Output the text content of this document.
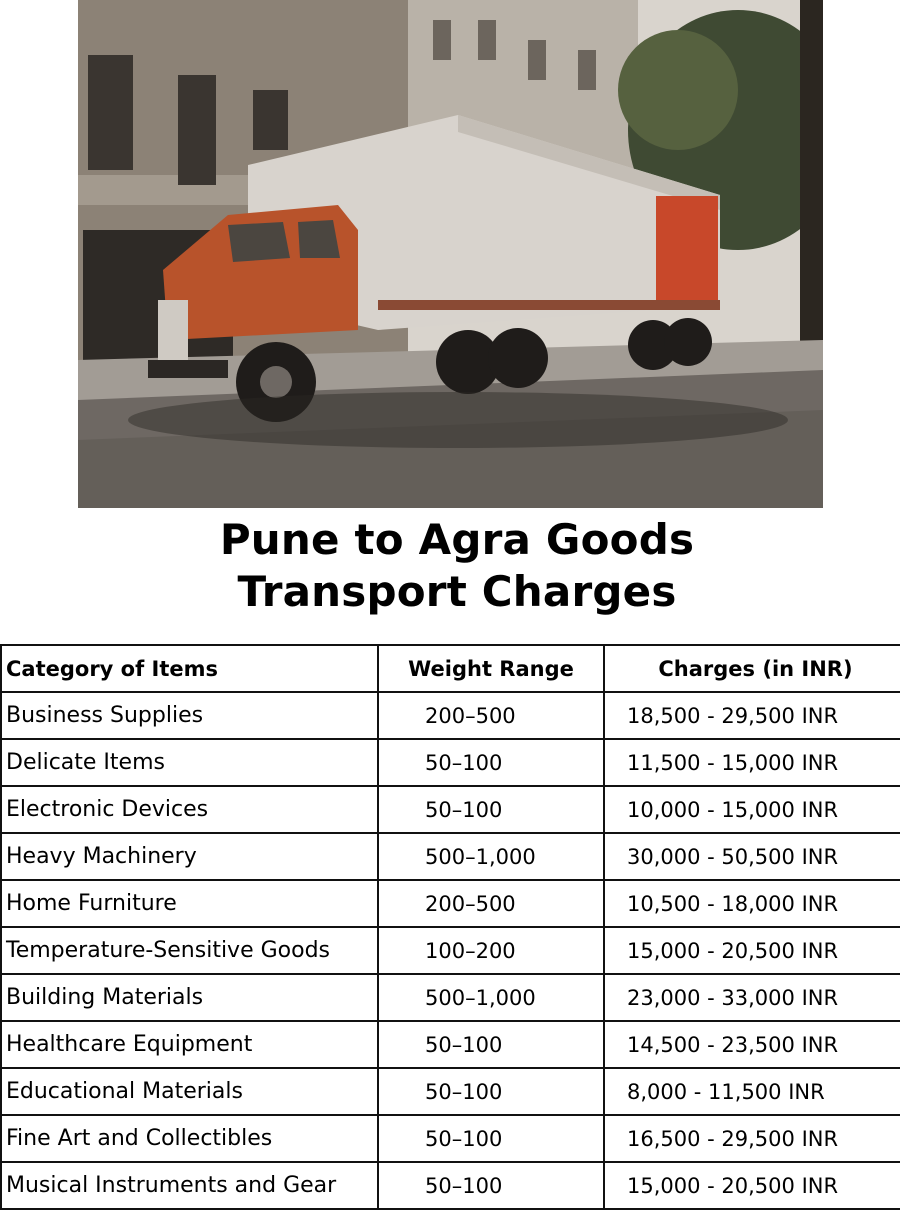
Pune to Agra Goods
Transport Charges
Category of Items	Weight Range	Charges (in INR)
Business Supplies	200–500	18,500 - 29,500 INR
Delicate Items	50–100	11,500 - 15,000 INR
Electronic Devices	50–100	10,000 - 15,000 INR
Heavy Machinery	500–1,000	30,000 - 50,500 INR
Home Furniture	200–500	10,500 - 18,000 INR
Temperature-Sensitive Goods	100–200	15,000 - 20,500 INR
Building Materials	500–1,000	23,000 - 33,000 INR
Healthcare Equipment	50–100	14,500 - 23,500 INR
Educational Materials	50–100	8,000 - 11,500 INR
Fine Art and Collectibles	50–100	16,500 - 29,500 INR
Musical Instruments and Gear	50–100	15,000 - 20,500 INR
